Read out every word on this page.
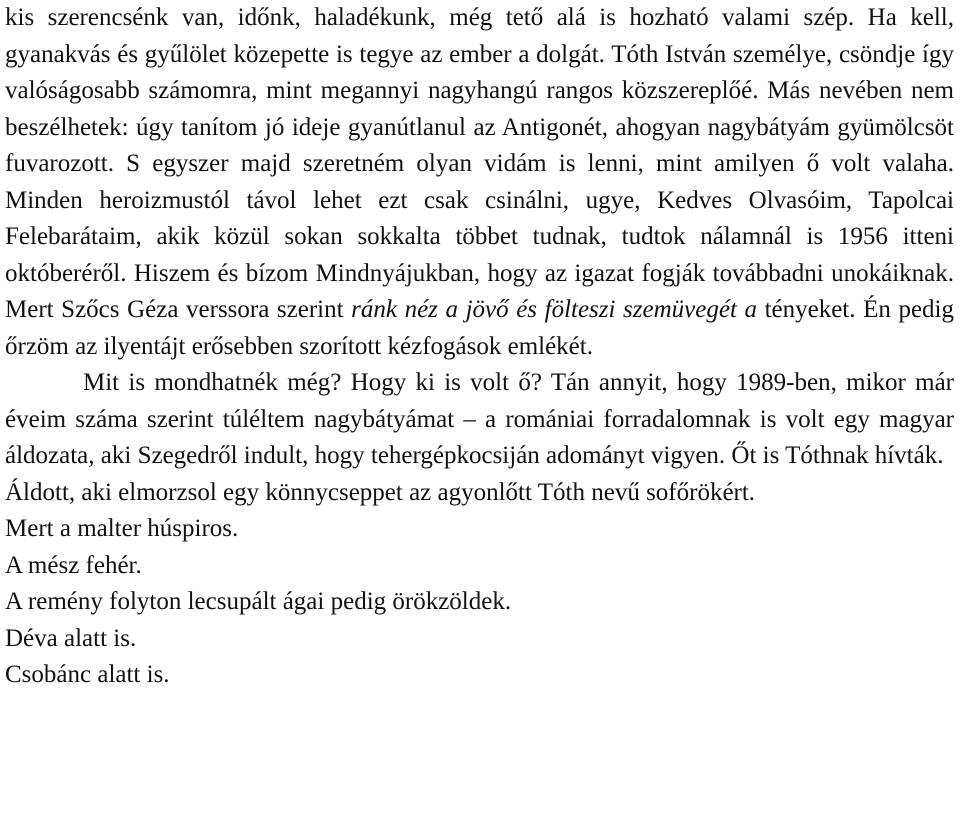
kis szerencsénk van, időnk, haladékunk, még tető alá is hozható valami szép. Ha kell, gyanakvás és gyűlölet közepette is tegye az ember a dolgát. Tóth István személye, csöndje így valóságosabb számomra, mint megannyi nagyhangú rangos közszereplőé. Más nevében nem beszélhetek: úgy tanítom jó ideje gyanútlanul az Antigonét, ahogyan nagybátyám gyümölcsöt fuvarozott. S egyszer majd szeretném olyan vidám is lenni, mint amilyen ő volt valaha. Minden heroizmustól távol lehet ezt csak csinálni, ugye, Kedves Olvasóim, Tapolcai Felebarátaim, akik közül sokan sokkalta többet tudnak, tudtok nálamnál is 1956 itteni októberéről. Hiszem és bízom Mindnyájukban, hogy az igazat fogják továbbadni unokáiknak. Mert Szőcs Géza verssora szerint ránk néz a jövő és fölteszi szemüvegét a tényeket. Én pedig őrzöm az ilyentájt erősebben szorított kézfogások emlékét.

Mit is mondhatnék még? Hogy ki is volt ő? Tán annyit, hogy 1989-ben, mikor már éveim száma szerint túléltem nagybátyámat – a romániai forradalomnak is volt egy magyar áldozata, aki Szegedről indult, hogy tehergépkocsiján adományt vigyen. Őt is Tóthnak hívták.

Áldott, aki elmorzsol egy könnycseppet az agyonlőtt Tóth nevű sofőrökért.

Mert a malter húspiros.

A mész fehér.

A remény folyton lecsupált ágai pedig örökzöldek.

Déva alatt is.

Csobánc alatt is.
